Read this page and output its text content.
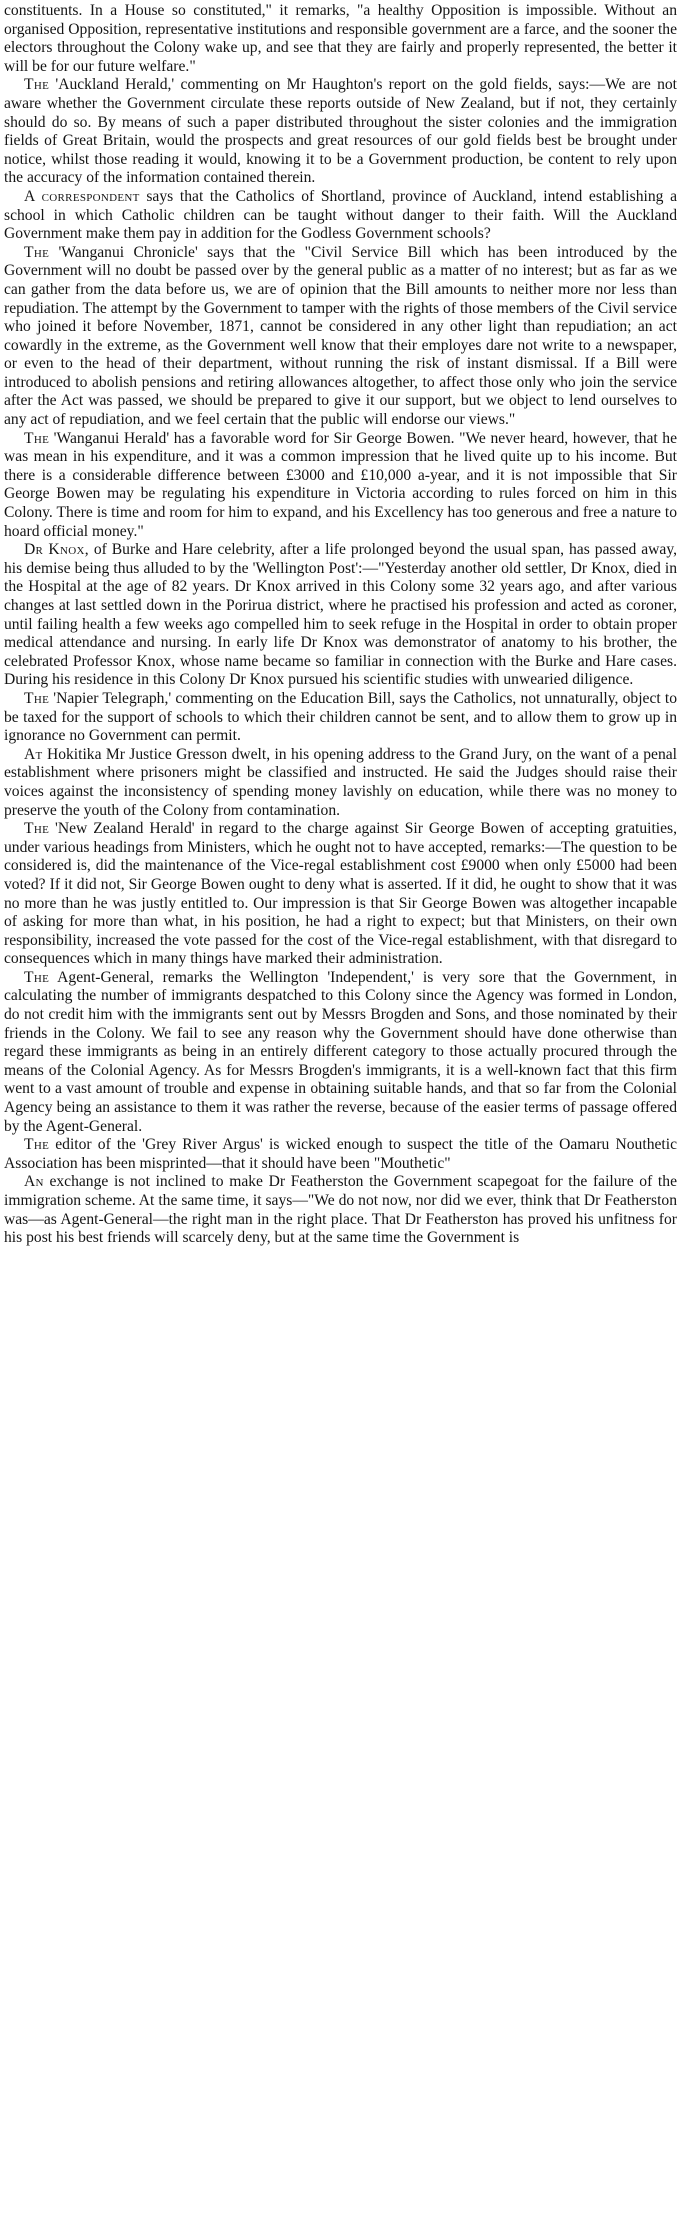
constituents. In a House so constituted," it remarks, "a healthy Opposition is impossible. Without an organised Opposition, representative institutions and responsible government are a farce, and the sooner the electors throughout the Colony wake up, and see that they are fairly and properly represented, the better it will be for our future welfare."

The 'Auckland Herald,' commenting on Mr Haughton's report on the gold fields, says:—We are not aware whether the Government circulate these reports outside of New Zealand, but if not, they certainly should do so. By means of such a paper distributed throughout the sister colonies and the immigration fields of Great Britain, would the prospects and great resources of our gold fields best be brought under notice, whilst those reading it would, knowing it to be a Government production, be content to rely upon the accuracy of the information contained therein.

A correspondent says that the Catholics of Shortland, province of Auckland, intend establishing a school in which Catholic children can be taught without danger to their faith. Will the Auckland Government make them pay in addition for the Godless Government schools?

The 'Wanganui Chronicle' says that the "Civil Service Bill which has been introduced by the Government will no doubt be passed over by the general public as a matter of no interest; but as far as we can gather from the data before us, we are of opinion that the Bill amounts to neither more nor less than repudiation. The attempt by the Government to tamper with the rights of those members of the Civil service who joined it before November, 1871, cannot be considered in any other light than repudiation; an act cowardly in the extreme, as the Government well know that their employes dare not write to a newspaper, or even to the head of their department, without running the risk of instant dismissal. If a Bill were introduced to abolish pensions and retiring allowances altogether, to affect those only who join the service after the Act was passed, we should be prepared to give it our support, but we object to lend ourselves to any act of repudiation, and we feel certain that the public will endorse our views."

The 'Wanganui Herald' has a favorable word for Sir George Bowen. "We never heard, however, that he was mean in his expenditure, and it was a common impression that he lived quite up to his income. But there is a considerable difference between £3000 and £10,000 a-year, and it is not impossible that Sir George Bowen may be regulating his expenditure in Victoria according to rules forced on him in this Colony. There is time and room for him to expand, and his Excellency has too generous and free a nature to hoard official money."

Dr Knox, of Burke and Hare celebrity, after a life prolonged beyond the usual span, has passed away, his demise being thus alluded to by the 'Wellington Post':—"Yesterday another old settler, Dr Knox, died in the Hospital at the age of 82 years. Dr Knox arrived in this Colony some 32 years ago, and after various changes at last settled down in the Porirua district, where he practised his profession and acted as coroner, until failing health a few weeks ago compelled him to seek refuge in the Hospital in order to obtain proper medical attendance and nursing. In early life Dr Knox was demonstrator of anatomy to his brother, the celebrated Professor Knox, whose name became so familiar in connection with the Burke and Hare cases. During his residence in this Colony Dr Knox pursued his scientific studies with unwearied diligence.

The 'Napier Telegraph,' commenting on the Education Bill, says the Catholics, not unnaturally, object to be taxed for the support of schools to which their children cannot be sent, and to allow them to grow up in ignorance no Government can permit.

At Hokitika Mr Justice Gresson dwelt, in his opening address to the Grand Jury, on the want of a penal establishment where prisoners might be classified and instructed. He said the Judges should raise their voices against the inconsistency of spending money lavishly on education, while there was no money to preserve the youth of the Colony from contamination.

The 'New Zealand Herald' in regard to the charge against Sir George Bowen of accepting gratuities, under various headings from Ministers, which he ought not to have accepted, remarks:—The question to be considered is, did the maintenance of the Vice-regal establishment cost £9000 when only £5000 had been voted? If it did not, Sir George Bowen ought to deny what is asserted. If it did, he ought to show that it was no more than he was justly entitled to. Our impression is that Sir George Bowen was altogether incapable of asking for more than what, in his position, he had a right to expect; but that Ministers, on their own responsibility, increased the vote passed for the cost of the Vice-regal establishment, with that disregard to consequences which in many things have marked their administration.

The Agent-General, remarks the Wellington 'Independent,' is very sore that the Government, in calculating the number of immigrants despatched to this Colony since the Agency was formed in London, do not credit him with the immigrants sent out by Messrs Brogden and Sons, and those nominated by their friends in the Colony. We fail to see any reason why the Government should have done otherwise than regard these immigrants as being in an entirely different category to those actually procured through the means of the Colonial Agency. As for Messrs Brogden's immigrants, it is a well-known fact that this firm went to a vast amount of trouble and expense in obtaining suitable hands, and that so far from the Colonial Agency being an assistance to them it was rather the reverse, because of the easier terms of passage offered by the Agent-General.

The editor of the 'Grey River Argus' is wicked enough to suspect the title of the Oamaru Nouthetic Association has been misprinted—that it should have been "Mouthetic"

An exchange is not inclined to make Dr Featherston the Government scapegoat for the failure of the immigration scheme. At the same time, it says—"We do not now, nor did we ever, think that Dr Featherston was—as Agent-General—the right man in the right place. That Dr Featherston has proved his unfitness for his post his best friends will scarcely deny, but at the same time the Government is
